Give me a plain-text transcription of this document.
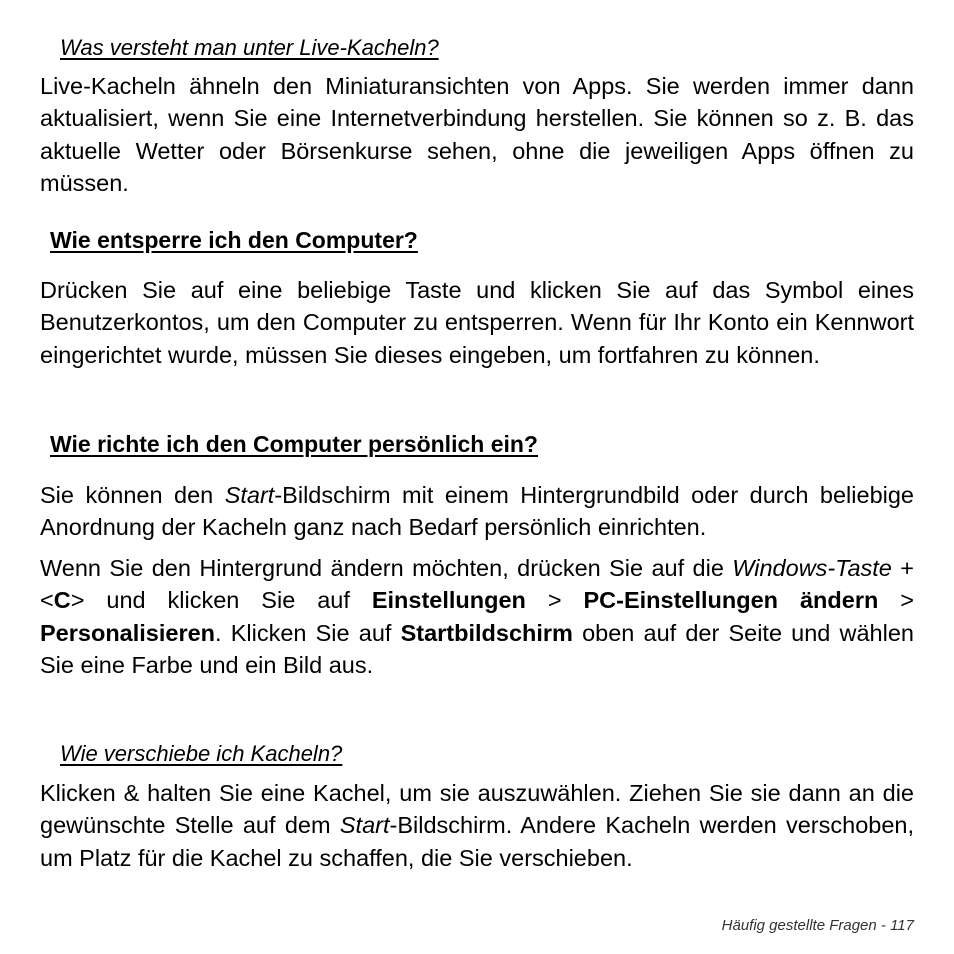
Was versteht man unter Live-Kacheln?

Live-Kacheln ähneln den Miniaturansichten von Apps. Sie werden immer dann aktualisiert, wenn Sie eine Internetverbindung herstellen. Sie können so z. B. das aktuelle Wetter oder Börsenkurse sehen, ohne die jeweiligen Apps öffnen zu müssen.

Wie entsperre ich den Computer?

Drücken Sie auf eine beliebige Taste und klicken Sie auf das Symbol eines Benutzerkontos, um den Computer zu entsperren. Wenn für Ihr Konto ein Kennwort eingerichtet wurde, müssen Sie dieses eingeben, um fortfahren zu können.

Wie richte ich den Computer persönlich ein?

Sie können den Start-Bildschirm mit einem Hintergrundbild oder durch beliebige Anordnung der Kacheln ganz nach Bedarf persönlich einrichten.

Wenn Sie den Hintergrund ändern möchten, drücken Sie auf die Windows-Taste + <C> und klicken Sie auf Einstellungen > PC-Einstellungen ändern > Personalisieren. Klicken Sie auf Startbildschirm oben auf der Seite und wählen Sie eine Farbe und ein Bild aus.

Wie verschiebe ich Kacheln?

Klicken & halten Sie eine Kachel, um sie auszuwählen. Ziehen Sie sie dann an die gewünschte Stelle auf dem Start-Bildschirm. Andere Kacheln werden verschoben, um Platz für die Kachel zu schaffen, die Sie verschieben.

Häufig gestellte Fragen - 117
